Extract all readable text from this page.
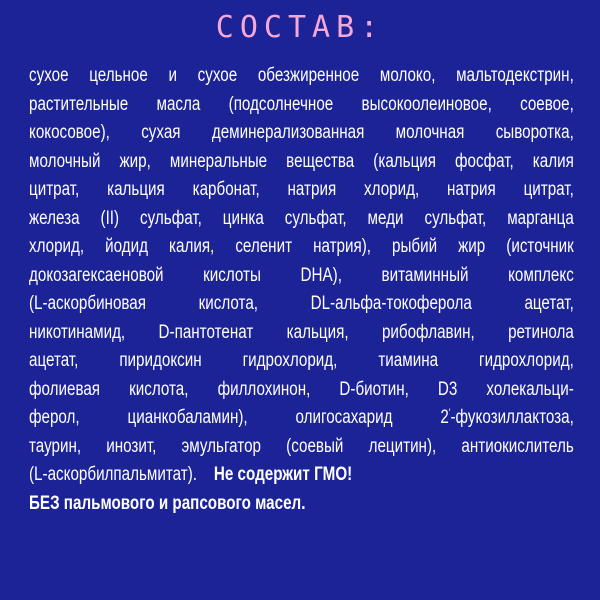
СОСТАВ:
сухое цельное и сухое обезжиренное молоко, мальтодекстрин,
растительные масла (подсолнечное высокоолеиновое, соевое,
кокосовое), сухая деминерализованная молочная сыворотка,
молочный жир, минеральные вещества (кальция фосфат, калия
цитрат, кальция карбонат, натрия хлорид, натрия цитрат,
железа (II) сульфат, цинка сульфат, меди сульфат, марганца
хлорид, йодид калия, селенит натрия), рыбий жир (источник
докозагексаеновой кислоты DHA), витаминный комплекс
(L-аскорбиновая кислота, DL-альфа-токоферола ацетат,
никотинамид, D-пантотенат кальция, рибофлавин, ретинола
ацетат, пиридоксин гидрохлорид, тиамина гидрохлорид,
фолиевая кислота, филлохинон, D-биотин, D3 холекальци-
ферол, цианкобаламин), олигосахарид 2'-фукозиллактоза,
таурин, инозит, эмульгатор (соевый лецитин), антиокислитель
(L-аскорбилпальмитат). Не содержит ГМО!
БЕЗ пальмового и рапсового масел.
